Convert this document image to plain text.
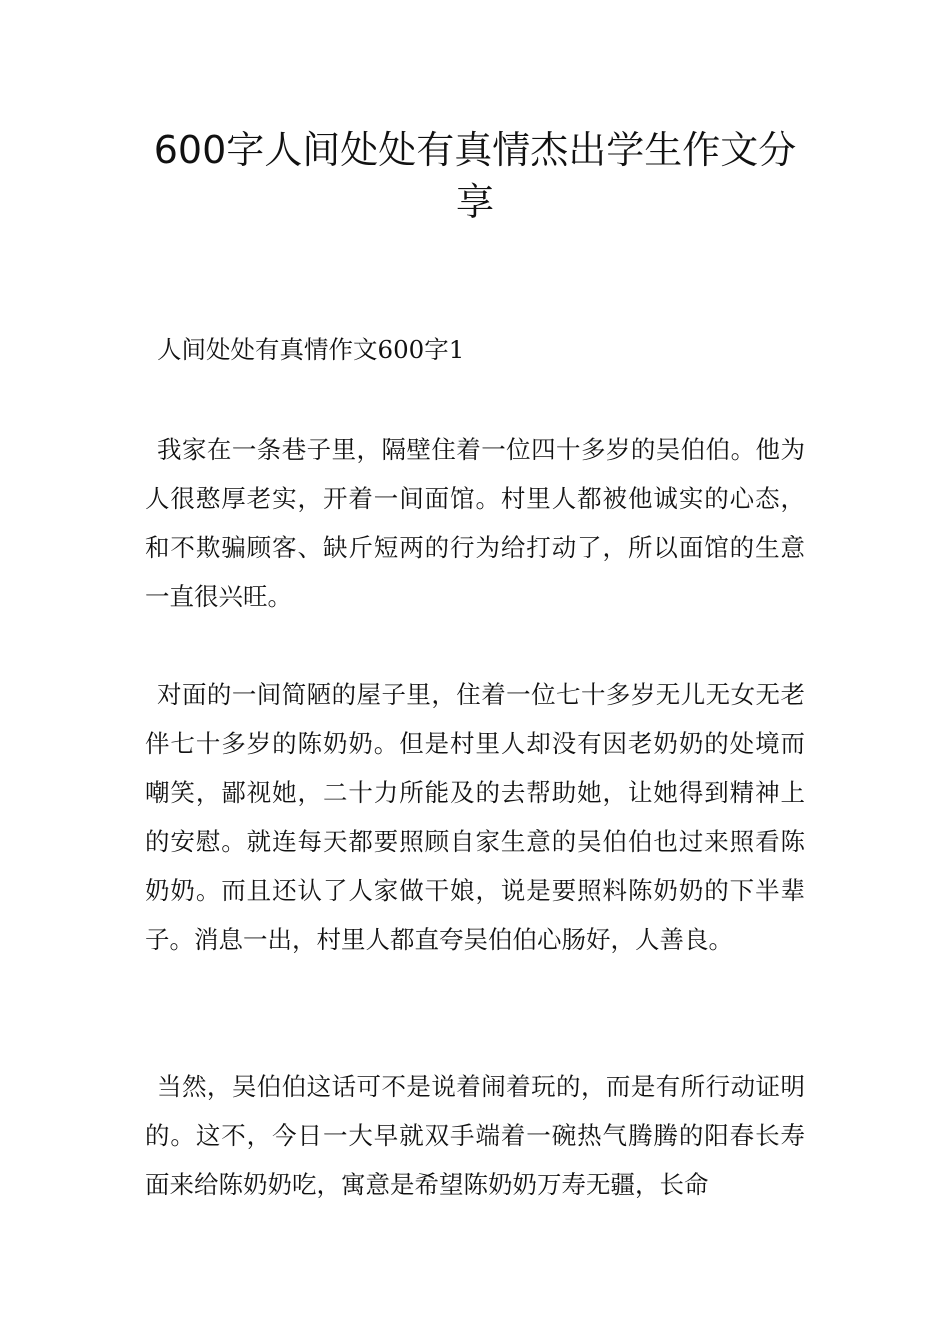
600字人间处处有真情杰出学生作文分享

人间处处有真情作文600字1

我家在一条巷子里，隔壁住着一位四十多岁的吴伯伯。他为人很憨厚老实，开着一间面馆。村里人都被他诚实的心态，和不欺骗顾客、缺斤短两的行为给打动了，所以面馆的生意一直很兴旺。

对面的一间简陋的屋子里，住着一位七十多岁无儿无女无老伴七十多岁的陈奶奶。但是村里人却没有因老奶奶的处境而嘲笑，鄙视她，二十力所能及的去帮助她，让她得到精神上的安慰。就连每天都要照顾自家生意的吴伯伯也过来照看陈奶奶。而且还认了人家做干娘，说是要照料陈奶奶的下半辈子。消息一出，村里人都直夸吴伯伯心肠好，人善良。

当然，吴伯伯这话可不是说着闹着玩的，而是有所行动证明的。这不，今日一大早就双手端着一碗热气腾腾的阳春长寿面来给陈奶奶吃，寓意是希望陈奶奶万寿无疆，长命
